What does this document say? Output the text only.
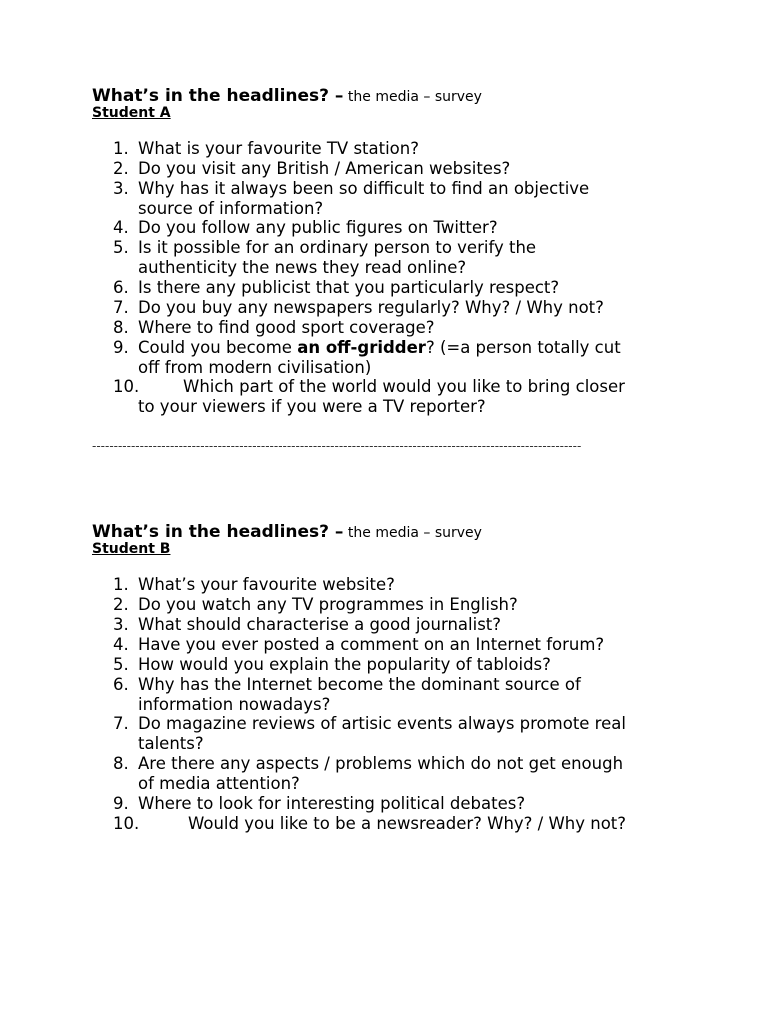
What’s in the headlines? – the media – survey
Student A
1. What is your favourite TV station?
2. Do you visit any British / American websites?
3. Why has it always been so difficult to find an objective
source of information?
4. Do you follow any public figures on Twitter?
5. Is it possible for an ordinary person to verify the
authenticity the news they read online?
6. Is there any publicist that you particularly respect?
7. Do you buy any newspapers regularly? Why? / Why not?
8. Where to find good sport coverage?
9. Could you become an off-gridder? (=a person totally cut
off from modern civilisation)
10.	Which part of the world would you like to bring closer
to your viewers if you were a TV reporter?
-----------------------------------------------------------------------------------------------------------------
What’s in the headlines? – the media – survey
Student B
1. What’s your favourite website?
2. Do you watch any TV programmes in English?
3. What should characterise a good journalist?
4. Have you ever posted a comment on an Internet forum?
5. How would you explain the popularity of tabloids?
6. Why has the Internet become the dominant source of
information nowadays?
7. Do magazine reviews of artisic events always promote real
talents?
8. Are there any aspects / problems which do not get enough
of media attention?
9. Where to look for interesting political debates?
10.	Would you like to be a newsreader? Why? / Why not?
